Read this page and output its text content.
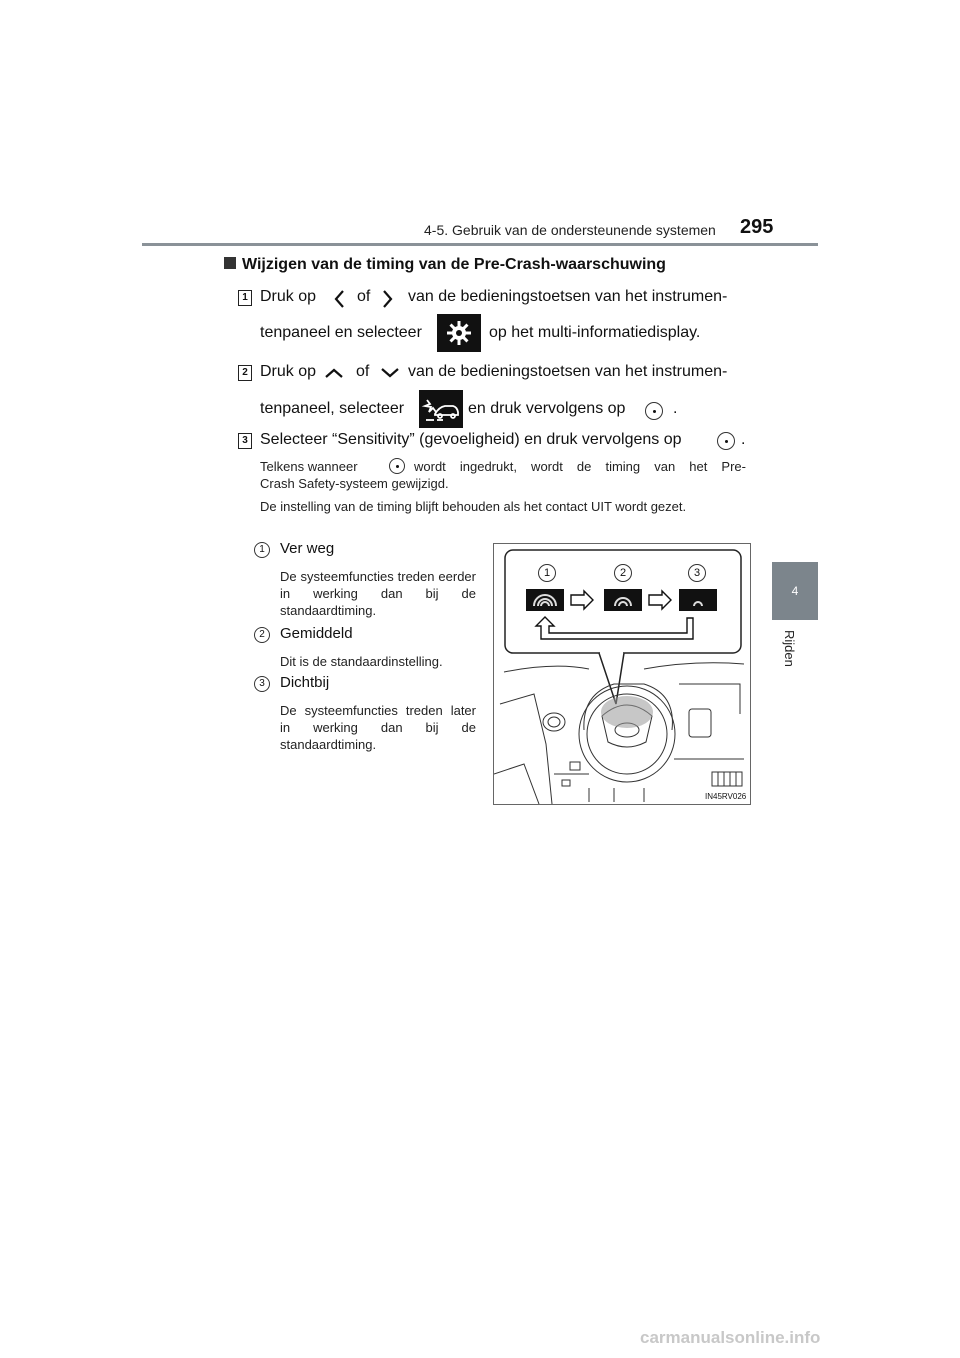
4-5. Gebruik van de ondersteunende systemen 295
4
Rijden
Wijzigen van de timing van de Pre-Crash-waarschuwing
1 Druk op	of van de bedieningstoetsen van het instrumen-
tenpaneel en selecteer	op het multi-informatiedisplay.
2 Druk op of van de bedieningstoetsen van het instrumen-
tenpaneel, selecteer	en druk vervolgens op	.
3 Selecteer “Sensitivity” (gevoeligheid) en druk vervolgens op	.
Telkens wanneer	wordt ingedrukt, wordt de timing van het Pre-
Crash Safety-systeem gewijzigd.
De instelling van de timing blijft behouden als het contact UIT wordt gezet.
1	Ver weg
De systeemfuncties treden eerder in werking dan bij de standaardtiming.
2	Gemiddeld
Dit is de standaardinstelling.
3	Dichtbij
De systeemfuncties treden later in werking dan bij de standaardtiming.
1	2	3
IN45RV026
carmanualsonline.info
